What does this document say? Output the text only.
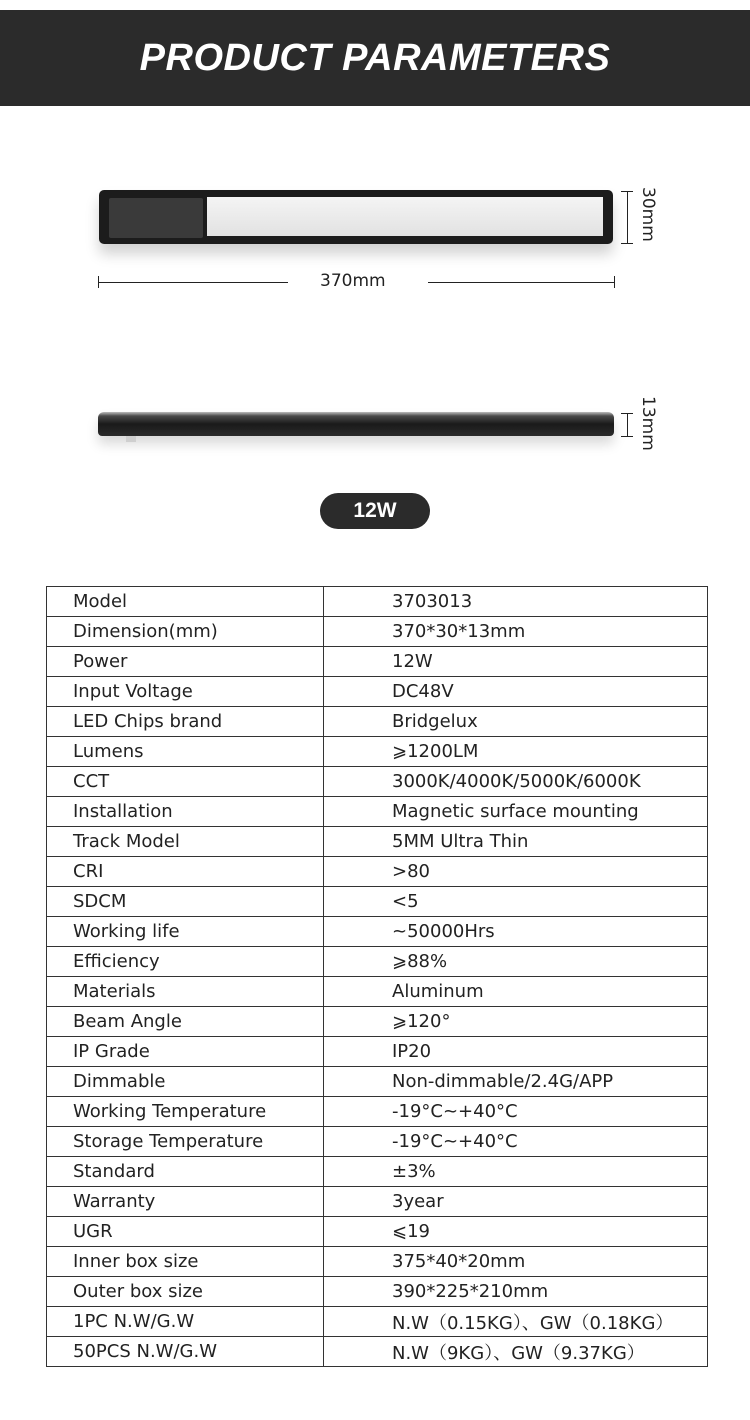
PRODUCT PARAMETERS
30mm
370mm
13mm
12W
Model	3703013
Dimension(mm)	370*30*13mm
Power	12W
Input Voltage	DC48V
LED Chips brand	Bridgelux
Lumens	⩾1200LM
CCT	3000K/4000K/5000K/6000K
Installation	Magnetic surface mounting
Track Model	5MM Ultra Thin
CRI	>80
SDCM	<5
Working life	~50000Hrs
Efficiency	⩾88%
Materials	Aluminum
Beam Angle	⩾120°
IP Grade	IP20
Dimmable	Non-dimmable/2.4G/APP
Working Temperature	-19°C~+40°C
Storage Temperature	-19°C~+40°C
Standard	±3%
Warranty	3year
UGR	⩽19
Inner box size	375*40*20mm
Outer box size	390*225*210mm
1PC N.W/G.W	N.W（0.15KG）、GW（0.18KG）
50PCS N.W/G.W	N.W（9KG）、GW（9.37KG）
